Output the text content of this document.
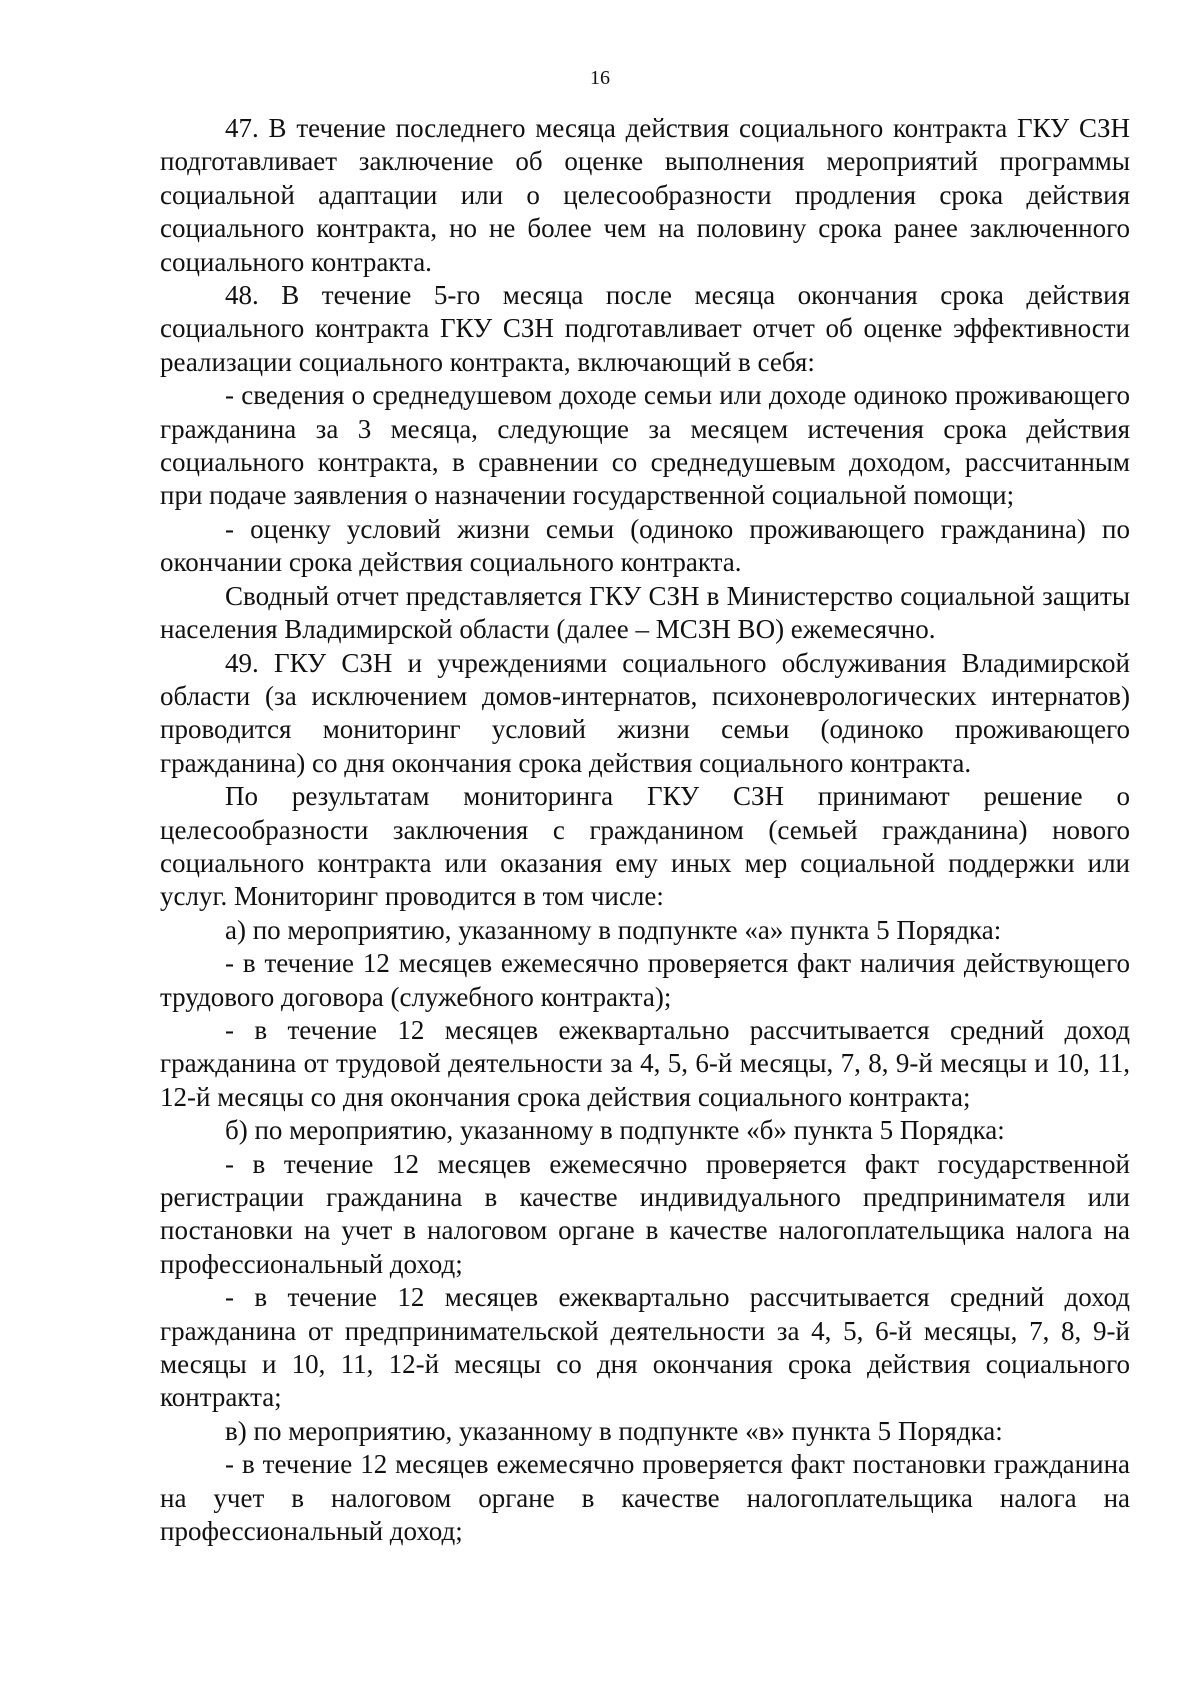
16

47. В течение последнего месяца действия социального контракта ГКУ СЗН подготавливает заключение об оценке выполнения мероприятий программы социальной адаптации или о целесообразности продления срока действия социального контракта, но не более чем на половину срока ранее заключенного социального контракта.

48. В течение 5-го месяца после месяца окончания срока действия социального контракта ГКУ СЗН подготавливает отчет об оценке эффективности реализации социального контракта, включающий в себя:

- сведения о среднедушевом доходе семьи или доходе одиноко проживающего гражданина за 3 месяца, следующие за месяцем истечения срока действия социального контракта, в сравнении со среднедушевым доходом, рассчитанным при подаче заявления о назначении государственной социальной помощи;

- оценку условий жизни семьи (одиноко проживающего гражданина) по окончании срока действия социального контракта.

Сводный отчет представляется ГКУ СЗН в Министерство социальной защиты населения Владимирской области (далее – МСЗН ВО) ежемесячно.

49. ГКУ СЗН и учреждениями социального обслуживания Владимирской области (за исключением домов-интернатов, психоневрологических интернатов) проводится мониторинг условий жизни семьи (одиноко проживающего гражданина) со дня окончания срока действия социального контракта.

По результатам мониторинга ГКУ СЗН принимают решение о целесообразности заключения с гражданином (семьей гражданина) нового социального контракта или оказания ему иных мер социальной поддержки или услуг. Мониторинг проводится в том числе:

а) по мероприятию, указанному в подпункте «а» пункта 5 Порядка:

- в течение 12 месяцев ежемесячно проверяется факт наличия действующего трудового договора (служебного контракта);

- в течение 12 месяцев ежеквартально рассчитывается средний доход гражданина от трудовой деятельности за 4, 5, 6-й месяцы, 7, 8, 9-й месяцы и 10, 11, 12-й месяцы со дня окончания срока действия социального контракта;

б) по мероприятию, указанному в подпункте «б» пункта 5 Порядка:

- в течение 12 месяцев ежемесячно проверяется факт государственной регистрации гражданина в качестве индивидуального предпринимателя или постановки на учет в налоговом органе в качестве налогоплательщика налога на профессиональный доход;

- в течение 12 месяцев ежеквартально рассчитывается средний доход гражданина от предпринимательской деятельности за 4, 5, 6-й месяцы, 7, 8, 9-й месяцы и 10, 11, 12-й месяцы со дня окончания срока действия социального контракта;

в) по мероприятию, указанному в подпункте «в» пункта 5 Порядка:

- в течение 12 месяцев ежемесячно проверяется факт постановки гражданина на учет в налоговом органе в качестве налогоплательщика налога на профессиональный доход;
